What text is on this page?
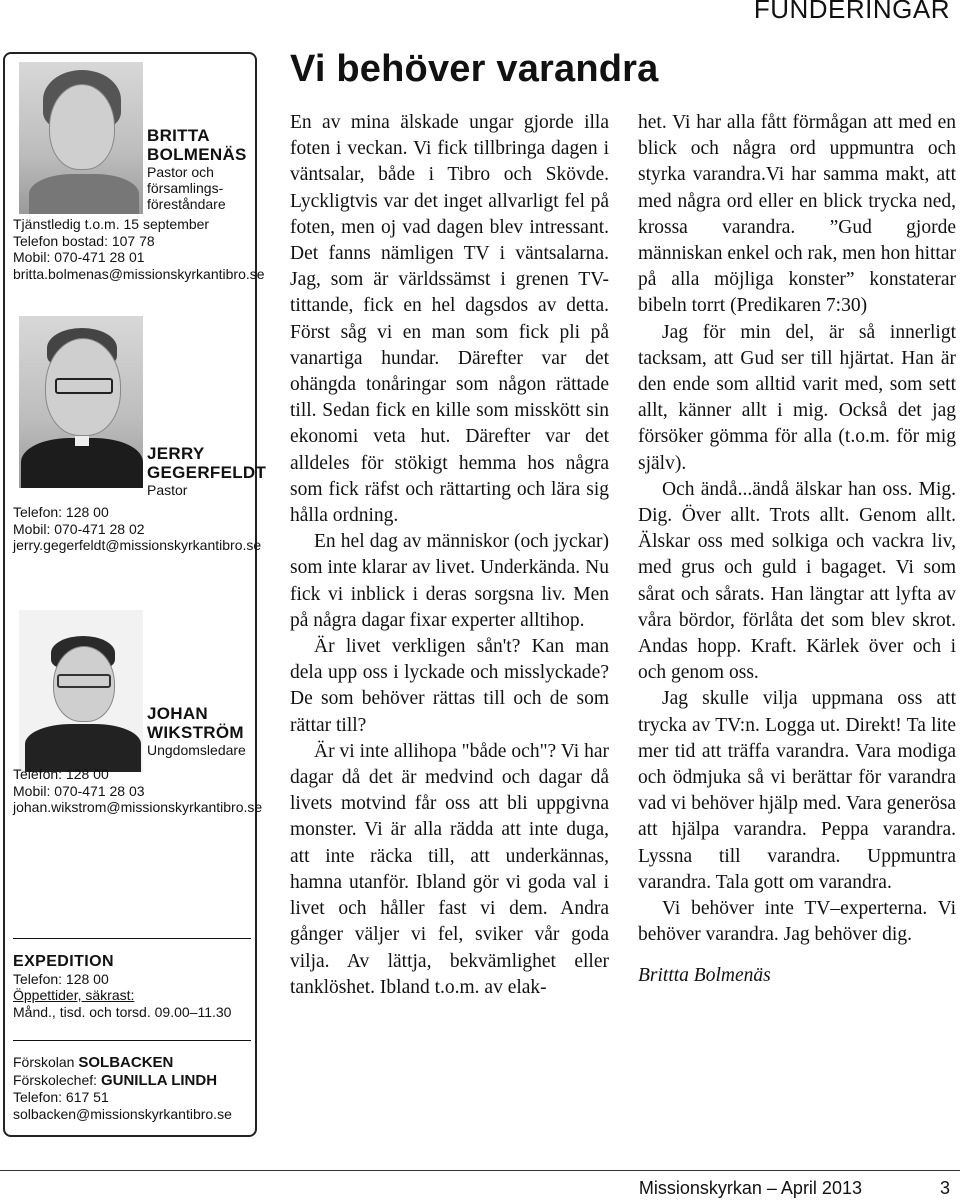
FUNDERINGAR
BRITTA
BOLMENÄS
Pastor och
församlings-
föreståndare
Tjänstledig t.o.m. 15 september
Telefon bostad: 107 78
Mobil: 070-471 28 01
britta.bolmenas@missionskyrkantibro.se
JERRY
GEGERFELDT
Pastor
Telefon: 128 00
Mobil: 070-471 28 02
jerry.gegerfeldt@missionskyrkantibro.se
JOHAN
WIKSTRÖM
Ungdomsledare
Telefon: 128 00
Mobil: 070-471 28 03
johan.wikstrom@missionskyrkantibro.se
EXPEDITION
Telefon: 128 00
Öppettider, säkrast:
Månd., tisd. och torsd. 09.00–11.30
Förskolan SOLBACKEN
Förskolechef: GUNILLA LINDH
Telefon: 617 51
solbacken@missionskyrkantibro.se
Vi behöver varandra

En av mina älskade ungar gjorde illa foten i veckan. Vi fick tillbringa dagen i väntsalar, både i Tibro och Skövde. Lyckligtvis var det inget allvarligt fel på foten, men oj vad dagen blev intressant. Det fanns nämligen TV i väntsalarna. Jag, som är världssämst i grenen TV-tittande, fick en hel dagsdos av detta. Först såg vi en man som fick pli på vanartiga hundar. Därefter var det ohängda tonåringar som någon rättade till. Sedan fick en kille som misskött sin ekonomi veta hut. Därefter var det alldeles för stökigt hemma hos några som fick räfst och rättarting och lära sig hålla ordning.

En hel dag av människor (och jyckar) som inte klarar av livet. Underkända. Nu fick vi inblick i deras sorgsna liv. Men på några dagar fixar experter alltihop.

Är livet verkligen sån't? Kan man dela upp oss i lyckade och misslyckade? De som behöver rättas till och de som rättar till?

Är vi inte allihopa "både och"? Vi har dagar då det är medvind och dagar då livets motvind får oss att bli uppgivna monster. Vi är alla rädda att inte duga, att inte räcka till, att underkännas, hamna utanför. Ibland gör vi goda val i livet och håller fast vi dem. Andra gånger väljer vi fel, sviker vår goda vilja. Av lättja, bekvämlighet eller tanklöshet. Ibland t.o.m. av elak-

het. Vi har alla fått förmågan att med en blick och några ord uppmuntra och styrka varandra.Vi har samma makt, att med några ord eller en blick trycka ned, krossa varandra. ”Gud gjorde människan enkel och rak, men hon hittar på alla möjliga konster” konstaterar bibeln torrt (Predikaren 7:30)

Jag för min del, är så innerligt tacksam, att Gud ser till hjärtat. Han är den ende som alltid varit med, som sett allt, känner allt i mig. Också det jag försöker gömma för alla (t.o.m. för mig själv).

Och ändå...ändå älskar han oss. Mig. Dig. Över allt. Trots allt. Genom allt. Älskar oss med solkiga och vackra liv, med grus och guld i bagaget. Vi som sårat och sårats. Han längtar att lyfta av våra bördor, förlåta det som blev skrot. Andas hopp. Kraft. Kärlek över och i och genom oss.

Jag skulle vilja uppmana oss att trycka av TV:n. Logga ut. Direkt! Ta lite mer tid att träffa varandra. Vara modiga och ödmjuka så vi berättar för varandra vad vi behöver hjälp med. Vara generösa att hjälpa varandra. Peppa varandra. Lyssna till varandra. Uppmuntra varandra. Tala gott om varandra.

Vi behöver inte TV–experterna. Vi behöver varandra. Jag behöver dig.

Brittta Bolmenäs

Missionskyrkan – April 2013	3
